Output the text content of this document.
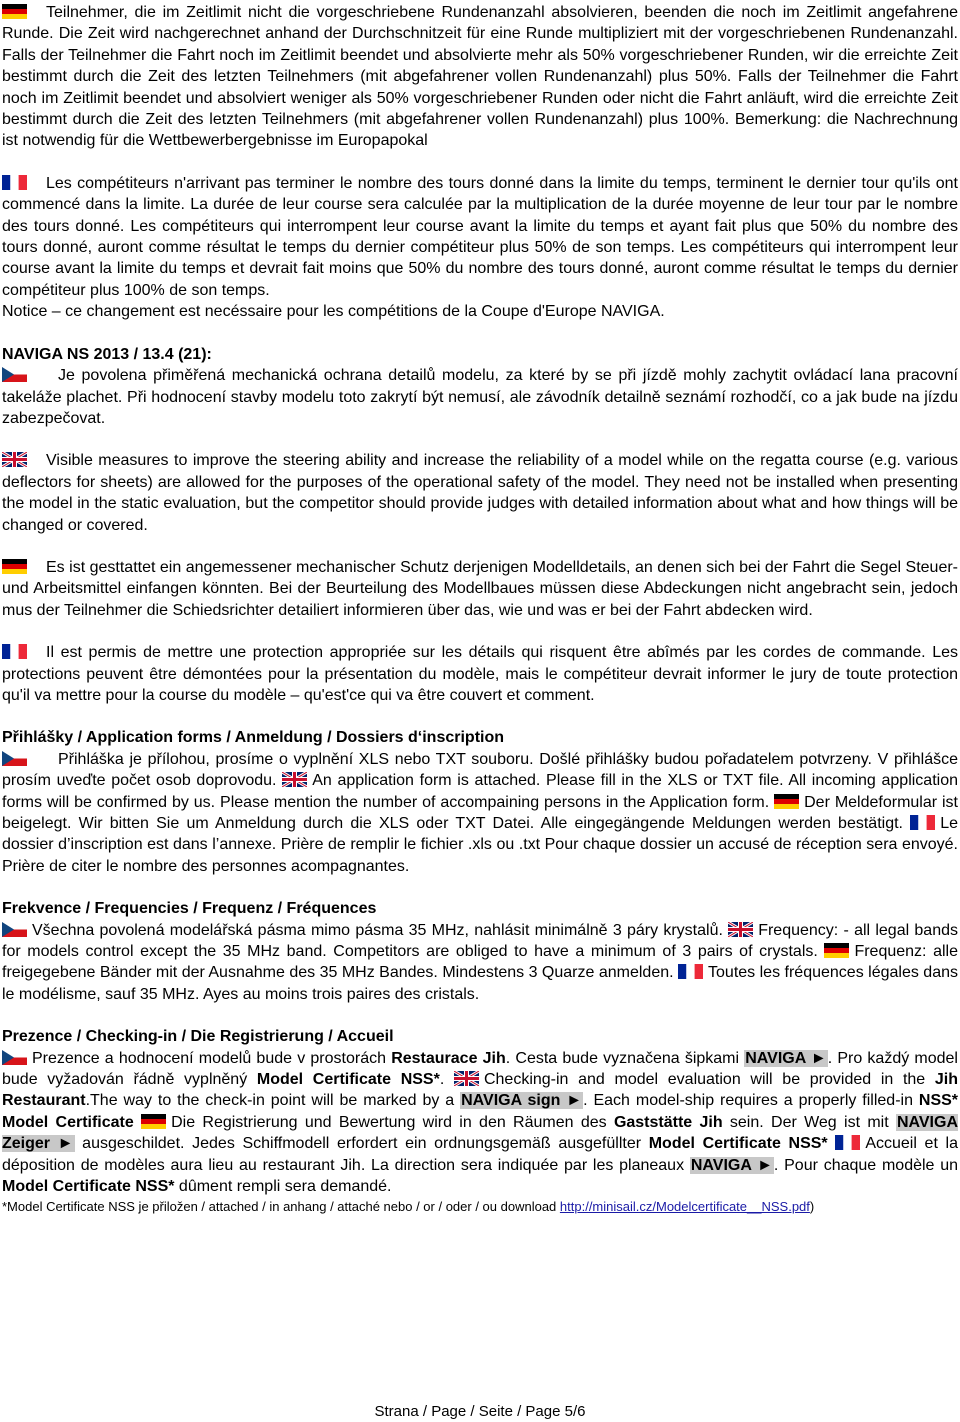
Teilnehmer, die im Zeitlimit nicht die vorgeschriebene Rundenanzahl absolvieren, beenden die noch im Zeitlimit angefahrene Runde. Die Zeit wird nachgerechnet anhand der Durchschnitzeit für eine Runde multipliziert mit der vorgeschriebenen Rundenanzahl. Falls der Teilnehmer die Fahrt noch im Zeitlimit beendet und absolvierte mehr als 50% vorgeschriebener Runden, wir die erreichte Zeit bestimmt durch die Zeit des letzten Teilnehmers (mit abgefahrener vollen Rundenanzahl) plus 50%. Falls der Teilnehmer die Fahrt noch im Zeitlimit beendet und absolviert weniger als 50% vorgeschriebener Runden oder nicht die Fahrt anläuft, wird die erreichte Zeit bestimmt durch die Zeit des letzten Teilnehmers (mit abgefahrener vollen Rundenanzahl) plus 100%. Bemerkung: die Nachrechnung ist notwendig für die Wettbewerbergebnisse im Europapokal

Les compétiteurs n'arrivant pas terminer le nombre des tours donné dans la limite du temps, terminent le dernier tour qu'ils ont commencé dans la limite. La durée de leur course sera calculée par la multiplication de la durée moyenne de leur tour par le nombre des tours donné. Les compétiteurs qui interrompent leur course avant la limite du temps et ayant fait plus que 50% du nombre des tours donné, auront comme résultat le temps du dernier compétiteur plus 50% de son temps. Les compétiteurs qui interrompent leur course avant la limite du temps et devrait fait moins que 50% du nombre des tours donné, auront comme résultat le temps du dernier compétiteur plus 100% de son temps.

Notice – ce changement est necéssaire pour les compétitions de la Coupe d'Europe NAVIGA.

NAVIGA NS 2013 / 13.4 (21):

Je povolena přiměřená mechanická ochrana detailů modelu, za které by se při jízdě mohly zachytit ovládací lana pracovní takeláže plachet. Při hodnocení stavby modelu toto zakrytí být nemusí, ale závodník detailně seznámí rozhodčí, co a jak bude na jízdu zabezpečovat.

Visible measures to improve the steering ability and increase the reliability of a model while on the regatta course (e.g. various deflectors for sheets) are allowed for the purposes of the operational safety of the model. They need not be installed when presenting the model in the static evaluation, but the competitor should provide judges with detailed information about what and how things will be changed or covered.

Es ist gesttattet ein angemessener mechanischer Schutz derjenigen Modelldetails, an denen sich bei der Fahrt die Segel Steuer- und Arbeitsmittel einfangen könnten. Bei der Beurteilung des Modellbaues müssen diese Abdeckungen nicht angebracht sein, jedoch mus der Teilnehmer die Schiedsrichter detailiert informieren über das, wie und was er bei der Fahrt abdecken wird.

Il est permis de mettre une protection appropriée sur les détails qui risquent être abîmés par les cordes de commande. Les protections peuvent être démontées pour la présentation du modèle, mais le compétiteur devrait informer le jury de toute protection qu'il va mettre pour la course du modèle – qu'est'ce qui va être couvert et comment.

Přihlášky / Application forms / Anmeldung / Dossiers d‘inscription

Přihláška je přílohou, prosíme o vyplnění XLS nebo TXT souboru. Došlé přihlášky budou pořadatelem potvrzeny. V přihlášce prosím uveďte počet osob doprovodu. An application form is attached. Please fill in the XLS or TXT file. All incoming application forms will be confirmed by us. Please mention the number of accompaining persons in the Application form. Der Meldeformular ist beigelegt. Wir bitten Sie um Anmeldung durch die XLS oder TXT Datei. Alle eingegängende Meldungen werden bestätigt. Le dossier d’inscription est dans l’annexe. Prière de remplir le fichier .xls ou .txt Pour chaque dossier un accusé de réception sera envoyé. Prière de citer le nombre des personnes acompagnantes.

Frekvence / Frequencies / Frequenz / Fréquences

Všechna povolená modelářská pásma mimo pásma 35 MHz, nahlásit minimálně 3 páry krystalů. Frequency: - all legal bands for models control except the 35 MHz band. Competitors are obliged to have a minimum of 3 pairs of crystals. Frequenz: alle freigegebene Bänder mit der Ausnahme des 35 MHz Bandes. Mindestens 3 Quarze anmelden. Toutes les fréquences légales dans le modélisme, sauf 35 MHz. Ayes au moins trois paires des cristals.

Prezence / Checking-in / Die Registrierung / Accueil

Prezence a hodnocení modelů bude v prostorách Restaurace Jih. Cesta bude vyznačena šipkami NAVIGA ►. Pro každý model bude vyžadován řádně vyplněný Model Certificate NSS*. Checking-in and model evaluation will be provided in the Jih Restaurant.The way to the check-in point will be marked by a NAVIGA sign ►. Each model-ship requires a properly filled-in NSS* Model Certificate Die Registrierung und Bewertung wird in den Räumen des Gaststätte Jih sein. Der Weg ist mit NAVIGA Zeiger ► ausgeschildet. Jedes Schiffmodell erfordert ein ordnungsgemäß ausgefüllter Model Certificate NSS* Accueil et la déposition de modèles aura lieu au restaurant Jih. La direction sera indiquée par les planeaux NAVIGA ►. Pour chaque modèle un Model Certificate NSS* dûment rempli sera demandé.

*Model Certificate NSS je přiložen / attached / in anhang / attaché nebo / or / oder / ou download http://minisail.cz/Modelcertificate__NSS.pdf)

Strana / Page / Seite / Page 5/6
